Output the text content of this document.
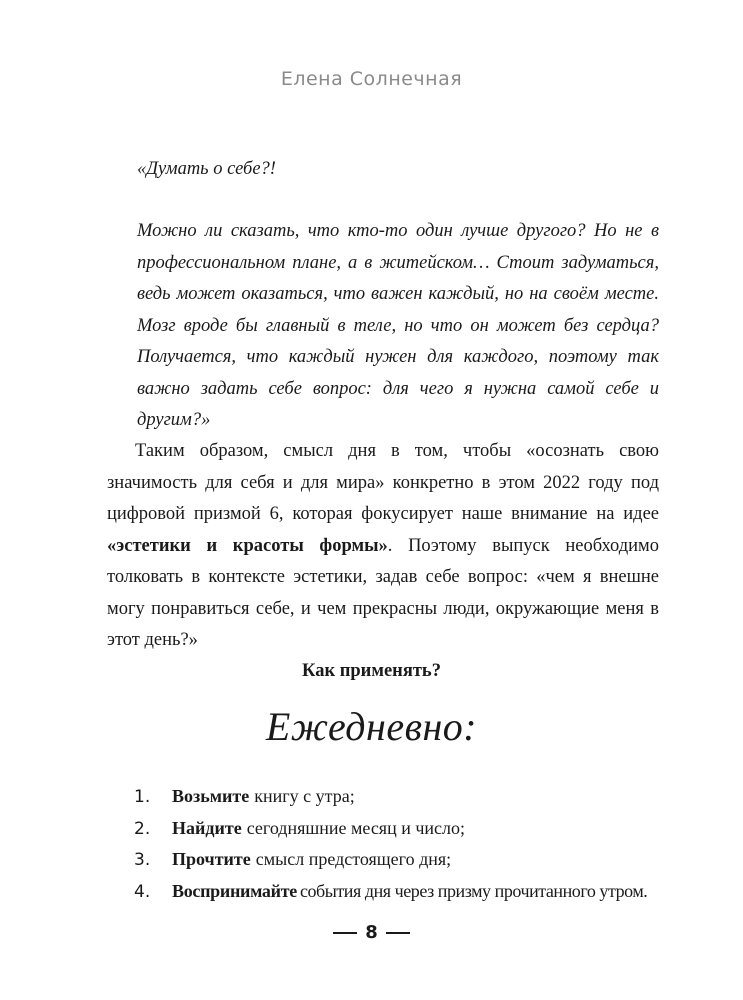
Елена Солнечная

«Думать о себе?!

Можно ли сказать, что кто-то один лучше другого? Но не в профессиональном плане, а в житейском… Стоит задуматься, ведь может оказаться, что важен каждый, но на своём месте. Мозг вроде бы главный в теле, но что он может без сердца? Получается, что каждый нужен для каждого, поэтому так важно задать себе вопрос: для чего я нужна самой себе и другим?»

Таким образом, смысл дня в том, чтобы «осознать свою значимость для себя и для мира» конкретно в этом 2022 году под цифровой призмой 6, которая фокусирует наше внимание на идее «эстетики и красоты формы». Поэтому выпуск необходимо толковать в контексте эстетики, задав себе вопрос: «чем я внешне могу понравиться себе, и чем прекрасны люди, окружающие меня в этот день?»

Как применять?
Ежедневно:
1.	Возьмите книгу с утра;
2.	Найдите сегодняшние месяц и число;
3.	Прочтите смысл предстоящего дня;
4.	Воспринимайте события дня через призму прочитанного утром.
8
